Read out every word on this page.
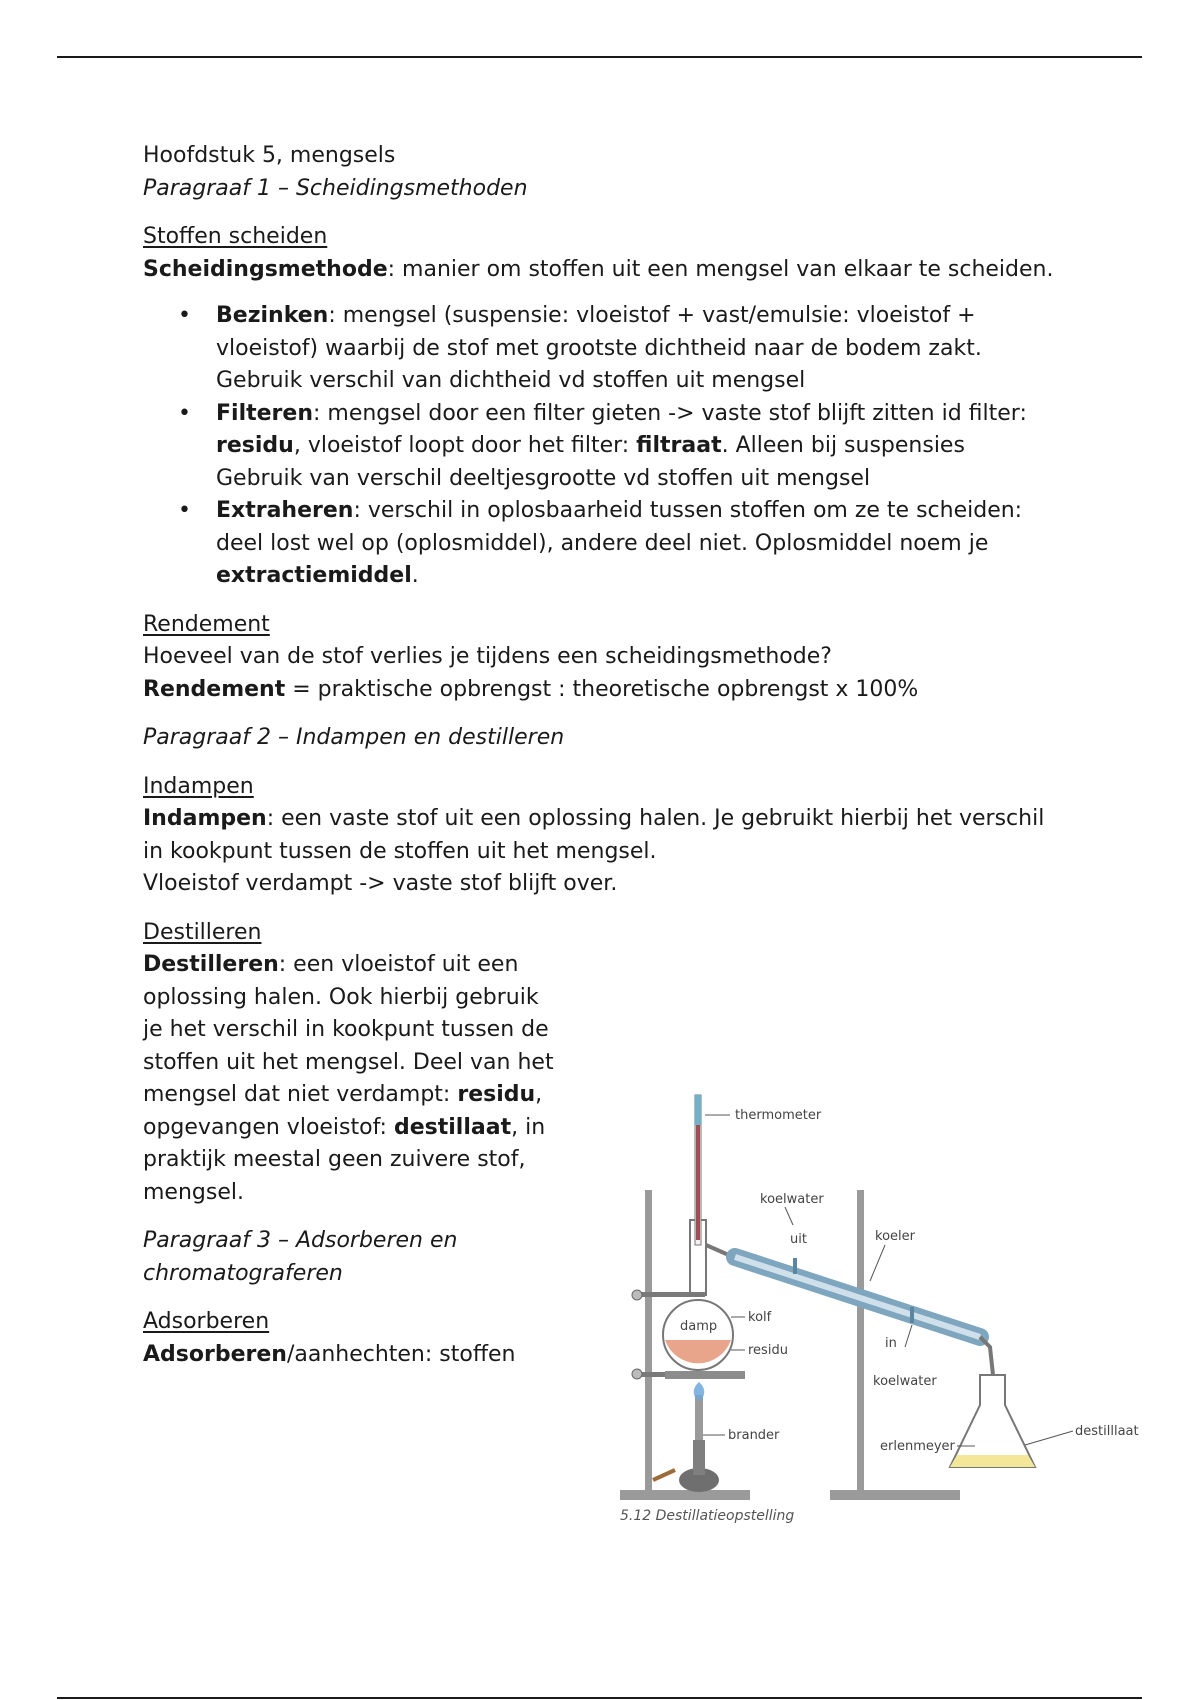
Hoofdstuk 5, mengsels

Paragraaf 1 – Scheidingsmethoden

Stoffen scheiden

Scheidingsmethode: manier om stoffen uit een mengsel van elkaar te scheiden.

• Bezinken: mengsel (suspensie: vloeistof + vast/emulsie: vloeistof + vloeistof) waarbij de stof met grootste dichtheid naar de bodem zakt.
Gebruik verschil van dichtheid vd stoffen uit mengsel
• Filteren: mengsel door een filter gieten -> vaste stof blijft zitten id filter: residu, vloeistof loopt door het filter: filtraat. Alleen bij suspensies
Gebruik van verschil deeltjesgrootte vd stoffen uit mengsel
• Extraheren: verschil in oplosbaarheid tussen stoffen om ze te scheiden: deel lost wel op (oplosmiddel), andere deel niet. Oplosmiddel noem je extractiemiddel.

Rendement

Hoeveel van de stof verlies je tijdens een scheidingsmethode?

Rendement = praktische opbrengst : theoretische opbrengst x 100%

Paragraaf 2 – Indampen en destilleren

Indampen

Indampen: een vaste stof uit een oplossing halen. Je gebruikt hierbij het verschil in kookpunt tussen de stoffen uit het mengsel.

Vloeistof verdampt -> vaste stof blijft over.

Destilleren

Destilleren: een vloeistof uit een oplossing halen. Ook hierbij gebruik je het verschil in kookpunt tussen de stoffen uit het mengsel. Deel van het mengsel dat niet verdampt: residu, opgevangen vloeistof: destillaat, in praktijk meestal geen zuivere stof, mengsel.

Paragraaf 3 – Adsorberen en chromatograferen

Adsorberen

Adsorberen/aanhechten: stoffen

damp
thermometer
koelwater
uit	koeler
kolf
residu	in
koelwater
brander
erlenmeyer
destilllaat
5.12 Destillatieopstelling
